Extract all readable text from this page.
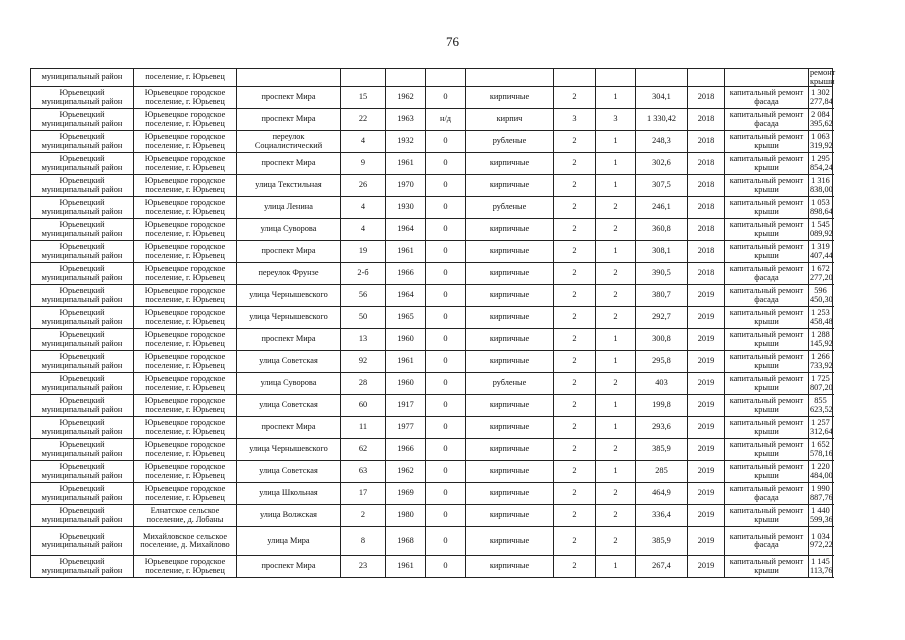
76
муниципальный район	поселение, г. Юрьевец											ремонт крыши	
Юрьевецкий муниципальный район	Юрьевецкое городское поселение, г. Юрьевец	проспект Мира	15	1962	0	кирпичные	2	1	304,1	2018	капитальный ремонт фасада	1 302 277,84	
Юрьевецкий муниципальный район	Юрьевецкое городское поселение, г. Юрьевец	проспект Мира	22	1963	н/д	кирпич	3	3	1 330,42	2018	капитальный ремонт фасада	2 084 395,62	
Юрьевецкий муниципальный район	Юрьевецкое городское поселение, г. Юрьевец	переулок Социалистический	4	1932	0	рубленые	2	1	248,3	2018	капитальный ремонт крыши	1 063 319,92	
Юрьевецкий муниципальный район	Юрьевецкое городское поселение, г. Юрьевец	проспект Мира	9	1961	0	кирпичные	2	1	302,6	2018	капитальный ремонт крыши	1 295 854,24	
Юрьевецкий муниципальный район	Юрьевецкое городское поселение, г. Юрьевец	улица Текстильная	26	1970	0	кирпичные	2	1	307,5	2018	капитальный ремонт крыши	1 316 838,00	
Юрьевецкий муниципальный район	Юрьевецкое городское поселение, г. Юрьевец	улица Ленина	4	1930	0	рубленые	2	2	246,1	2018	капитальный ремонт крыши	1 053 898,64	
Юрьевецкий муниципальный район	Юрьевецкое городское поселение, г. Юрьевец	улица Суворова	4	1964	0	кирпичные	2	2	360,8	2018	капитальный ремонт крыши	1 545 089,92	
Юрьевецкий муниципальный район	Юрьевецкое городское поселение, г. Юрьевец	проспект Мира	19	1961	0	кирпичные	2	1	308,1	2018	капитальный ремонт крыши	1 319 407,44	
Юрьевецкий муниципальный район	Юрьевецкое городское поселение, г. Юрьевец	переулок Фрунзе	2-б	1966	0	кирпичные	2	2	390,5	2018	капитальный ремонт фасада	1 672 277,20	
Юрьевецкий муниципальный район	Юрьевецкое городское поселение, г. Юрьевец	улица Чернышевского	56	1964	0	кирпичные	2	2	380,7	2019	капитальный ремонт фасада	596 450,30	
Юрьевецкий муниципальный район	Юрьевецкое городское поселение, г. Юрьевец	улица Чернышевского	50	1965	0	кирпичные	2	2	292,7	2019	капитальный ремонт крыши	1 253 458,48	
Юрьевецкий муниципальный район	Юрьевецкое городское поселение, г. Юрьевец	проспект Мира	13	1960	0	кирпичные	2	1	300,8	2019	капитальный ремонт крыши	1 288 145,92	
Юрьевецкий муниципальный район	Юрьевецкое городское поселение, г. Юрьевец	улица Советская	92	1961	0	кирпичные	2	1	295,8	2019	капитальный ремонт крыши	1 266 733,92	
Юрьевецкий муниципальный район	Юрьевецкое городское поселение, г. Юрьевец	улица Суворова	28	1960	0	рубленые	2	2	403	2019	капитальный ремонт крыши	1 725 807,20	
Юрьевецкий муниципальный район	Юрьевецкое городское поселение, г. Юрьевец	улица Советская	60	1917	0	кирпичные	2	1	199,8	2019	капитальный ремонт крыши	855 623,52	
Юрьевецкий муниципальный район	Юрьевецкое городское поселение, г. Юрьевец	проспект Мира	11	1977	0	кирпичные	2	1	293,6	2019	капитальный ремонт крыши	1 257 312,64	
Юрьевецкий муниципальный район	Юрьевецкое городское поселение, г. Юрьевец	улица Чернышевского	62	1966	0	кирпичные	2	2	385,9	2019	капитальный ремонт крыши	1 652 578,16	
Юрьевецкий муниципальный район	Юрьевецкое городское поселение, г. Юрьевец	улица Советская	63	1962	0	кирпичные	2	1	285	2019	капитальный ремонт крыши	1 220 484,00	
Юрьевецкий муниципальный район	Юрьевецкое городское поселение, г. Юрьевец	улица Школьная	17	1969	0	кирпичные	2	2	464,9	2019	капитальный ремонт фасада	1 990 887,76	
Юрьевецкий муниципальный район	Елнатское сельское поселение, д. Лобаны	улица Волжская	2	1980	0	кирпичные	2	2	336,4	2019	капитальный ремонт крыши	1 440 599,36	
Юрьевецкий муниципальный район	Михайловское сельское поселение, д. Михайлово	улица Мира	8	1968	0	кирпичные	2	2	385,9	2019	капитальный ремонт фасада	1 034 972,22	
Юрьевецкий муниципальный район	Юрьевецкое городское поселение, г. Юрьевец	проспект Мира	23	1961	0	кирпичные	2	1	267,4	2019	капитальный ремонт крыши	1 145 113,76	
